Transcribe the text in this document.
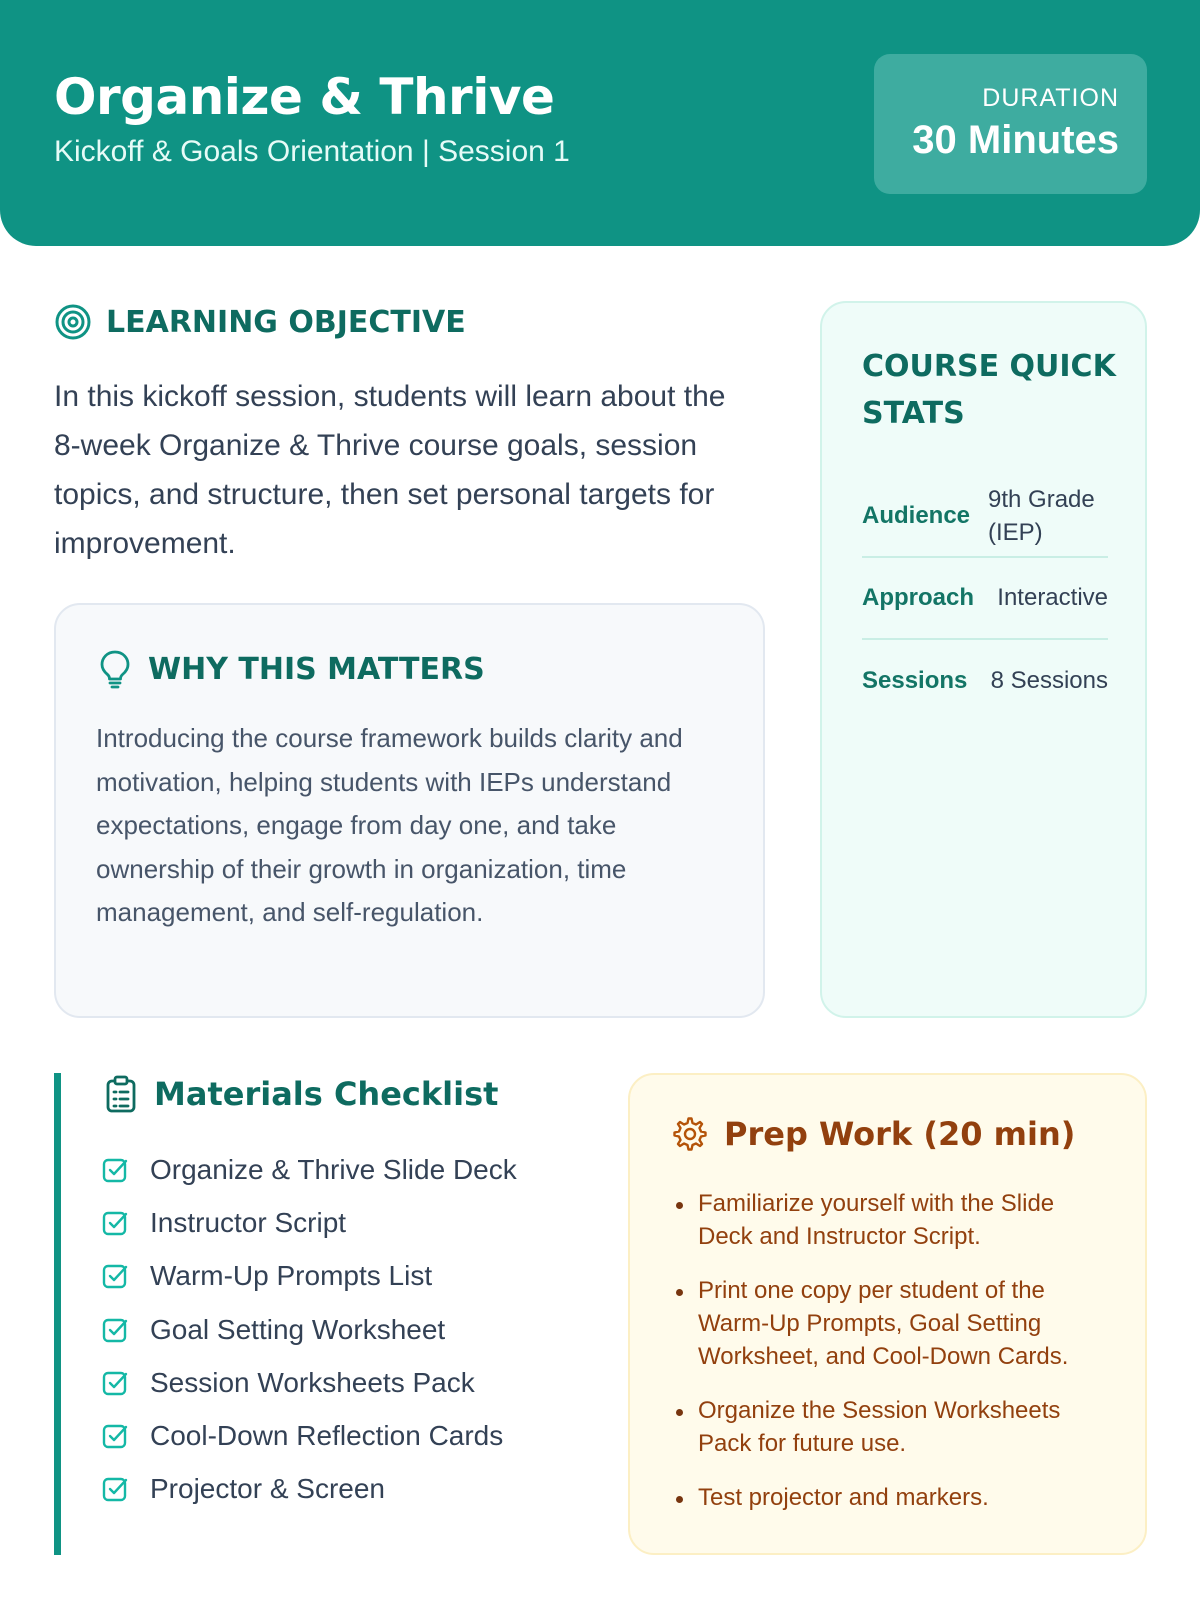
Organize & Thrive
Kickoff & Goals Orientation | Session 1
DURATION
30 Minutes
LEARNING OBJECTIVE

In this kickoff session, students will learn about the 8-week Organize & Thrive course goals, session topics, and structure, then set personal targets for improvement.

WHY THIS MATTERS

Introducing the course framework builds clarity and motivation, helping students with IEPs understand expectations, engage from day one, and take ownership of their growth in organization, time management, and self-regulation.

COURSE QUICK STATS
Audience
9th Grade (IEP)
Approach Interactive
Sessions 8 Sessions
Materials Checklist
Organize & Thrive Slide Deck
Instructor Script
Warm-Up Prompts List
Goal Setting Worksheet
Session Worksheets Pack
Cool-Down Reflection Cards
Projector & Screen
Prep Work (20 min)
Familiarize yourself with the Slide Deck and Instructor Script.
Print one copy per student of the Warm-Up Prompts, Goal Setting Worksheet, and Cool-Down Cards.
Organize the Session Worksheets Pack for future use.
Test projector and markers.
